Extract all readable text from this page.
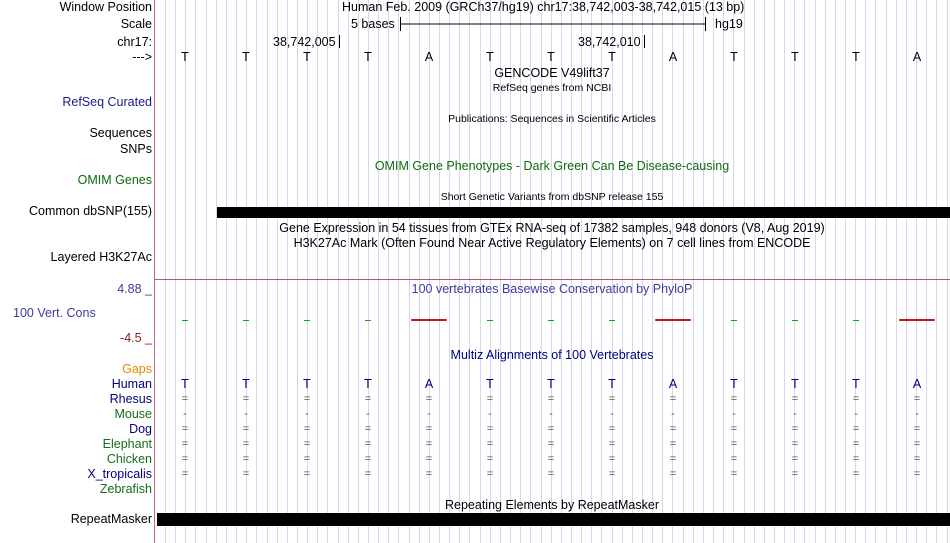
Window Position	Human Feb. 2009 (GRCh37/hg19) chr17:38,742,003-38,742,015 (13 bp)
Scale	5 bases	hg19
chr17:	38,742,005	38,742,010
--->	T	T	T	T	A	T	T	T	A	T	T	T	A
GENCODE V49lift37
RefSeq genes from NCBI
RefSeq Curated
Sequences
Publications: Sequences in Scientific Articles
SNPs
OMIM Gene Phenotypes - Dark Green Can Be Disease-causing
OMIM Genes
Short Genetic Variants from dbSNP release 155
Common dbSNP(155)
Gene Expression in 54 tissues from GTEx RNA-seq of 17382 samples, 948 donors (V8, Aug 2019)
H3K27Ac Mark (Often Found Near Active Regulatory Elements) on 7 cell lines from ENCODE
Layered H3K27Ac
4.88 _	100 vertebrates Basewise Conservation by PhyloP
100 Vert. Cons
-4.5 _
Multiz Alignments of 100 Vertebrates
Gaps
Human	T	T	T	T	A	T	T	T	A	T	T	T	A
Rhesus	=	=	=	=	=	=	=	=	=	=	=	=	=
Mouse	-	-	-	-	-	-	-	-	-	-	-	-	-
Dog	=	=	=	=	=	=	=	=	=	=	=	=	=
Elephant	=	=	=	=	=	=	=	=	=	=	=	=	=
Chicken	=	=	=	=	=	=	=	=	=	=	=	=	=
X_tropicalis	=	=	=	=	=	=	=	=	=	=	=	=	=
Zebrafish
Repeating Elements by RepeatMasker
RepeatMasker
